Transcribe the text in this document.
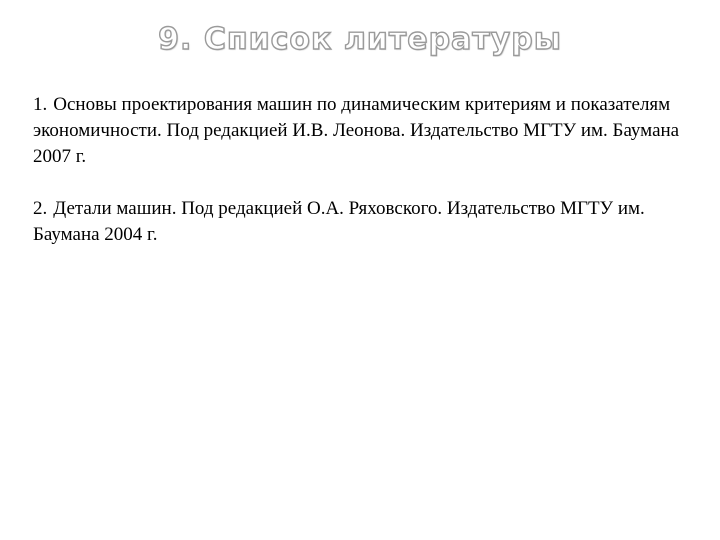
9. Список литературы
1. Основы проектирования машин по динамическим критериям и показателям экономичности. Под редакцией И.В. Леонова. Издательство МГТУ им. Баумана 2007 г.
2. Детали машин. Под редакцией О.А. Ряховского. Издательство МГТУ им. Баумана 2004 г.
